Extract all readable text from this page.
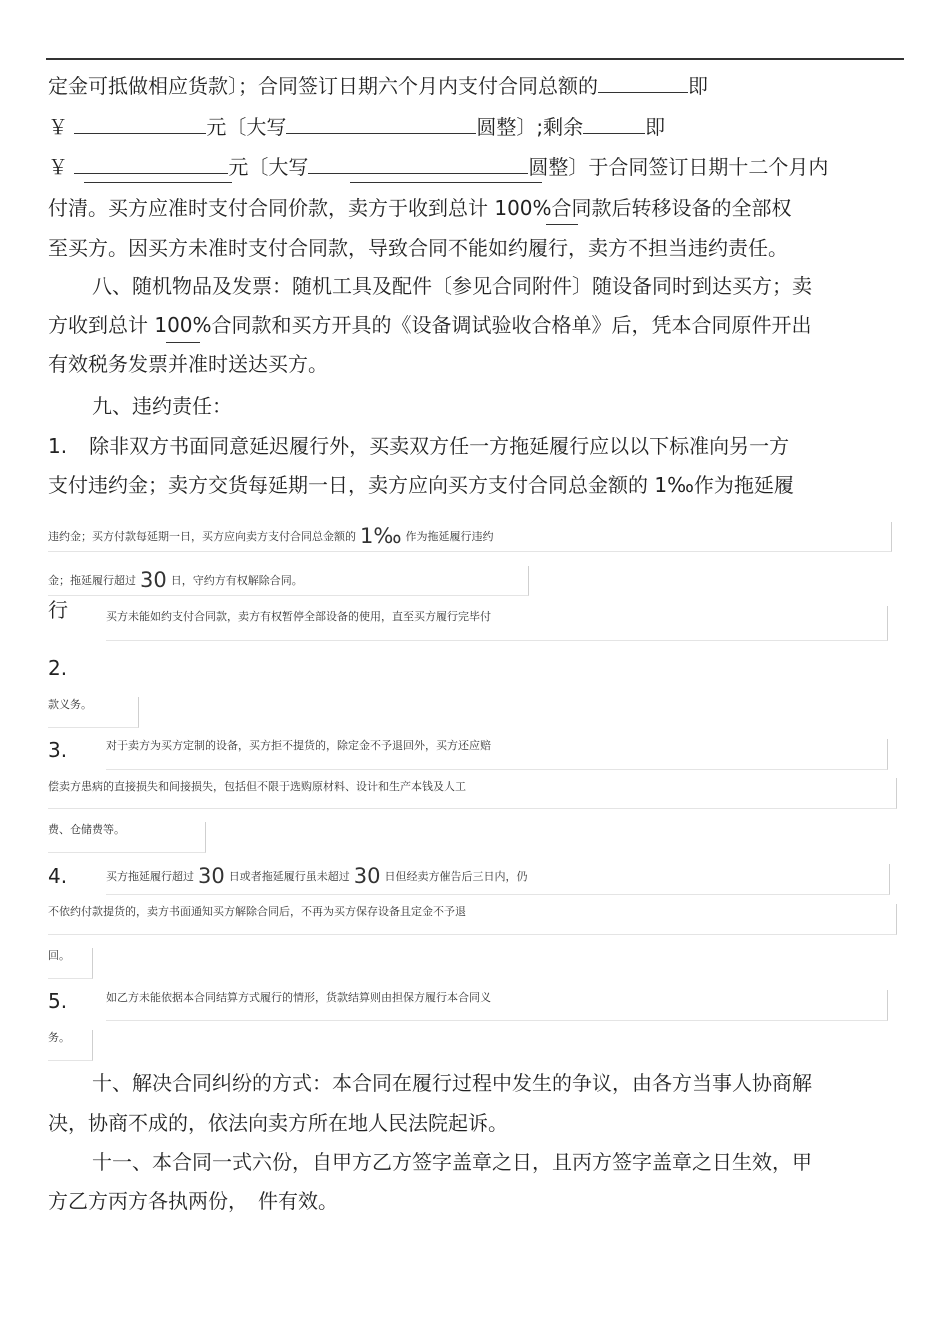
定金可抵做相应货款〕；合同签订日期六个月内支付合同总额的	即
￥	元〔大写	圆整〕;剩余	即
￥	元〔大写	圆整〕于合同签订日期十二个月内
付清。买方应准时支付合同价款，卖方于收到总计 100%合同款后转移设备的全部权
至买方。因买方未准时支付合同款，导致合同不能如约履行，卖方不担当违约责任。
八、随机物品及发票：随机工具及配件〔参见合同附件〕随设备同时到达买方；卖
方收到总计 100%合同款和买方开具的《设备调试验收合格单》后，凭本合同原件开出
有效税务发票并准时送达买方。
九、违约责任：
1. 除非双方书面同意延迟履行外，买卖双方任一方拖延履行应以以下标准向另一方
支付违约金；卖方交货每延期一日，卖方应向买方支付合同总金额的 1‰作为拖延履
违约金；买方付款每延期一日，买方应向卖方支付合同总金额的 1‰ 作为拖延履行违约
金；拖延履行超过 30 日，守约方有权解除合同。
行	买方未能如约支付合同款，卖方有权暂停全部设备的使用，直至买方履行完毕付
2.
款义务。
3.	对于卖方为买方定制的设备，买方拒不提货的，除定金不予退回外，买方还应赔
偿卖方患病的直接损失和间接损失，包括但不限于选购原材料、设计和生产本钱及人工
费、仓储费等。
4.	买方拖延履行超过 30 日或者拖延履行虽未超过 30 日但经卖方催告后三日内，仍
不依约付款提货的，卖方书面通知买方解除合同后，不再为买方保存设备且定金不予退
回。
5.	如乙方未能依据本合同结算方式履行的情形，货款结算则由担保方履行本合同义
务。
十、解决合同纠纷的方式：本合同在履行过程中发生的争议，由各方当事人协商解
决，协商不成的，依法向卖方所在地人民法院起诉。
十一、本合同一式六份，自甲方乙方签字盖章之日，且丙方签字盖章之日生效，甲
方乙方丙方各执两份，　件有效。
